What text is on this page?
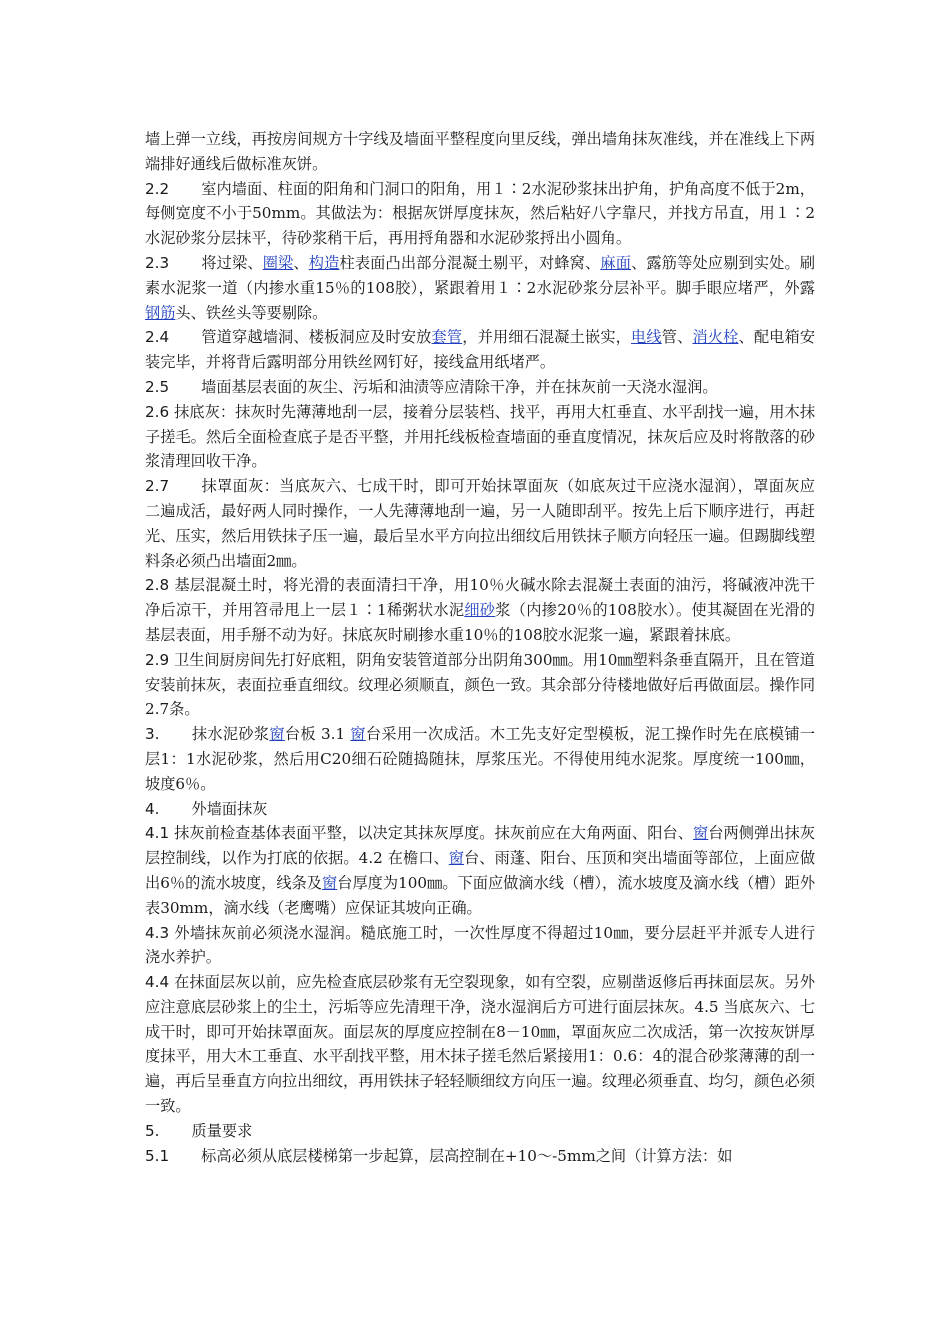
墙上弹一立线，再按房间规方十字线及墙面平整程度向里反线，弹出墙角抹灰准线，并在准线上下两端排好通线后做标准灰饼。

2.2 室内墙面、柱面的阳角和门洞口的阳角，用１∶2水泥砂浆抹出护角，护角高度不低于2m，每侧宽度不小于50mm。其做法为：根据灰饼厚度抹灰，然后粘好八字靠尺，并找方吊直，用１∶2水泥砂浆分层抹平，待砂浆稍干后，再用捋角器和水泥砂浆捋出小圆角。

2.3 将过梁、圈梁、构造柱表面凸出部分混凝土剔平，对蜂窝、麻面、露筋等处应剔到实处。刷素水泥浆一道（内掺水重15％的108胶），紧跟着用１∶2水泥砂浆分层补平。脚手眼应堵严，外露钢筋头、铁丝头等要剔除。

2.4 管道穿越墙洞、楼板洞应及时安放套管，并用细石混凝土嵌实，电线管、消火栓、配电箱安装完毕，并将背后露明部分用铁丝网钉好，接线盒用纸堵严。

2.5 墙面基层表面的灰尘、污垢和油渍等应清除干净，并在抹灰前一天浇水湿润。

2.6 抹底灰：抹灰时先薄薄地刮一层，接着分层装档、找平，再用大杠垂直、水平刮找一遍，用木抹子搓毛。然后全面检查底子是否平整，并用托线板检查墙面的垂直度情况，抹灰后应及时将散落的砂浆清理回收干净。

2.7 抹罩面灰：当底灰六、七成干时，即可开始抹罩面灰（如底灰过干应浇水湿润），罩面灰应二遍成活，最好两人同时操作，一人先薄薄地刮一遍，另一人随即刮平。按先上后下顺序进行，再赶光、压实，然后用铁抹子压一遍，最后呈水平方向拉出细纹后用铁抹子顺方向轻压一遍。但踢脚线塑料条必须凸出墙面2㎜。

2.8 基层混凝土时，将光滑的表面清扫干净，用10％火碱水除去混凝土表面的油污，将碱液冲洗干净后凉干，并用笤帚甩上一层１∶1稀粥状水泥细砂浆（内掺20％的108胶水）。使其凝固在光滑的基层表面，用手掰不动为好。抹底灰时刷掺水重10％的108胶水泥浆一遍，紧跟着抹底。

2.9 卫生间厨房间先打好底粗，阴角安装管道部分出阴角300㎜。用10㎜塑料条垂直隔开，且在管道安装前抹灰，表面拉垂直细纹。纹理必须顺直，颜色一致。其余部分待楼地做好后再做面层。操作同2.7条。

3. 抹水泥砂浆窗台板 3.1 窗台采用一次成活。木工先支好定型模板，泥工操作时先在底模铺一层1：1水泥砂浆，然后用C20细石砼随捣随抹，厚浆压光。不得使用纯水泥浆。厚度统一100㎜，坡度6％。

4. 外墙面抹灰

4.1 抹灰前检查基体表面平整，以决定其抹灰厚度。抹灰前应在大角两面、阳台、窗台两侧弹出抹灰层控制线，以作为打底的依据。4.2 在檐口、窗台、雨蓬、阳台、压顶和突出墙面等部位，上面应做出6％的流水坡度，线条及窗台厚度为100㎜。下面应做滴水线（槽），流水坡度及滴水线（槽）距外表30mm，滴水线（老鹰嘴）应保证其坡向正确。

4.3 外墙抹灰前必须浇水湿润。糙底施工时，一次性厚度不得超过10㎜，要分层赶平并派专人进行浇水养护。

4.4 在抹面层灰以前，应先检查底层砂浆有无空裂现象，如有空裂，应剔凿返修后再抹面层灰。另外应注意底层砂浆上的尘土，污垢等应先清理干净，浇水湿润后方可进行面层抹灰。4.5 当底灰六、七成干时，即可开始抹罩面灰。面层灰的厚度应控制在8－10㎜，罩面灰应二次成活，第一次按灰饼厚度抹平，用大木工垂直、水平刮找平整，用木抹子搓毛然后紧接用1：0.6：4的混合砂浆薄薄的刮一遍，再后呈垂直方向拉出细纹，再用铁抹子轻轻顺细纹方向压一遍。纹理必须垂直、均匀，颜色必须一致。

5. 质量要求

5.1 标高必须从底层楼梯第一步起算，层高控制在+10～-5mm之间（计算方法：如
